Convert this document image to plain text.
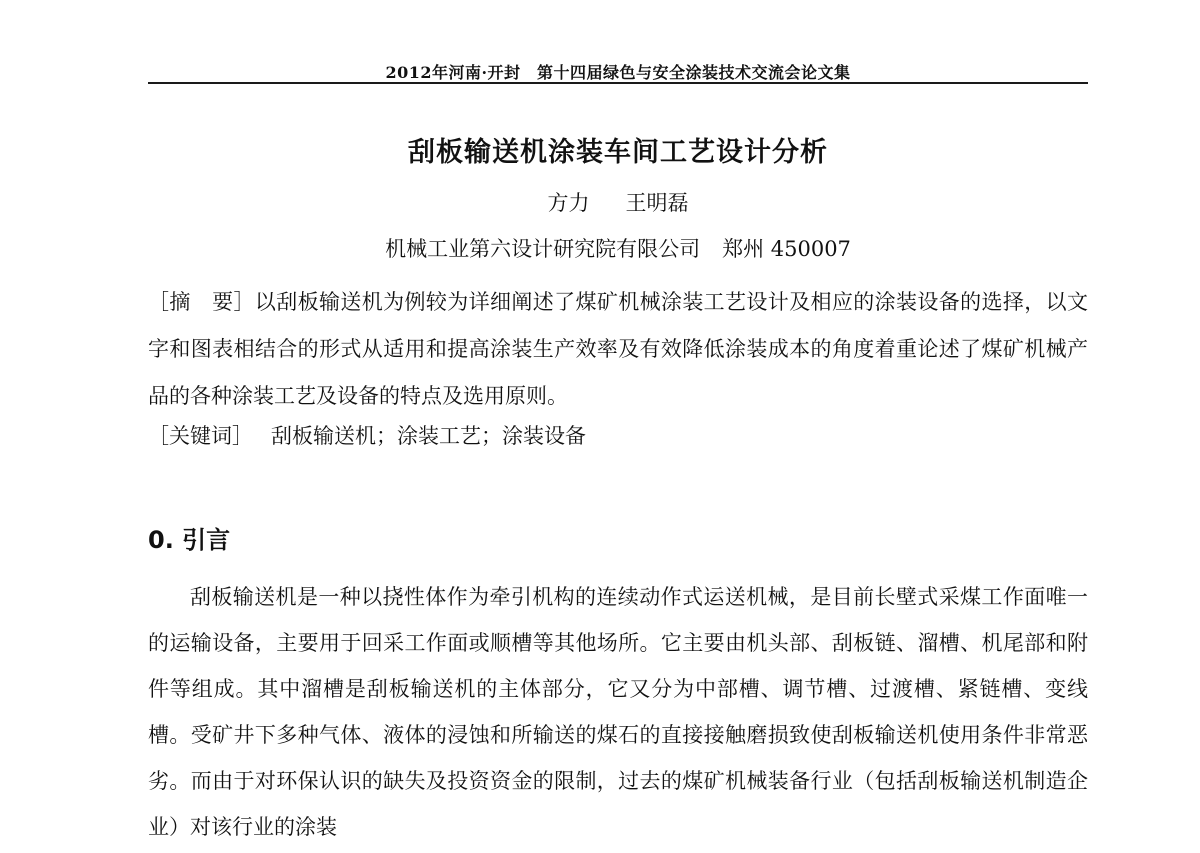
2012年河南·开封　第十四届绿色与安全涂装技术交流会论文集
刮板输送机涂装车间工艺设计分析
方力 王明磊
机械工业第六设计研究院有限公司 郑州 450007
［摘　要］以刮板输送机为例较为详细阐述了煤矿机械涂装工艺设计及相应的涂装设备的选择，以文字和图表相结合的形式从适用和提高涂装生产效率及有效降低涂装成本的角度着重论述了煤矿机械产品的各种涂装工艺及设备的特点及选用原则。
［关键词］ 刮板输送机；涂装工艺；涂装设备
0. 引言
刮板输送机是一种以挠性体作为牵引机构的连续动作式运送机械，是目前长壁式采煤工作面唯一的运输设备，主要用于回采工作面或顺槽等其他场所。它主要由机头部、刮板链、溜槽、机尾部和附件等组成。其中溜槽是刮板输送机的主体部分，它又分为中部槽、调节槽、过渡槽、紧链槽、变线槽。受矿井下多种气体、液体的浸蚀和所输送的煤石的直接接触磨损致使刮板输送机使用条件非常恶劣。而由于对环保认识的缺失及投资资金的限制，过去的煤矿机械装备行业（包括刮板输送机制造企业）对该行业的涂装
